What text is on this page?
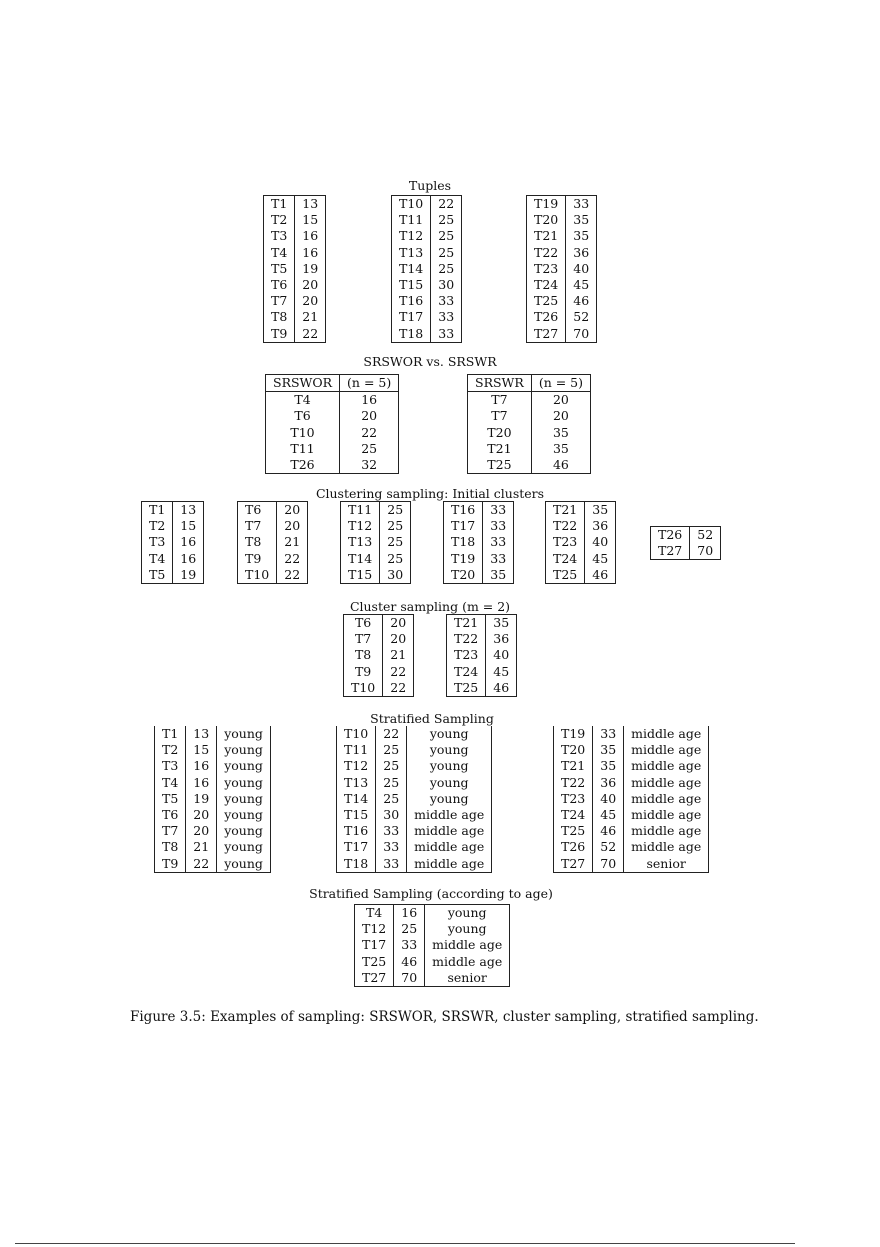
Tuples
T1	13
T2	15
T3	16
T4	16
T5	19
T6	20
T7	20
T8	21
T9	22
T10	22
T11	25
T12	25
T13	25
T14	25
T15	30
T16	33
T17	33
T18	33
T19	33
T20	35
T21	35
T22	36
T23	40
T24	45
T25	46
T26	52
T27	70
SRSWOR vs. SRSWR
SRSWOR	(n = 5)
T4	16
T6	20
T10	22
T11	25
T26	32
SRSWR	(n = 5)
T7	20
T7	20
T20	35
T21	35
T25	46
Clustering sampling: Initial clusters
T1	13
T2	15
T3	16
T4	16
T5	19
T6	20
T7	20
T8	21
T9	22
T10	22
T11	25
T12	25
T13	25
T14	25
T15	30
T16	33
T17	33
T18	33
T19	33
T20	35
T21	35
T22	36
T23	40
T24	45
T25	46
T26	52
T27	70
Cluster sampling (m = 2)
T6	20
T7	20
T8	21
T9	22
T10	22
T21	35
T22	36
T23	40
T24	45
T25	46
Stratified Sampling
T1	13	young
T2	15	young
T3	16	young
T4	16	young
T5	19	young
T6	20	young
T7	20	young
T8	21	young
T9	22	young
T10	22	young
T11	25	young
T12	25	young
T13	25	young
T14	25	young
T15	30	middle age
T16	33	middle age
T17	33	middle age
T18	33	middle age
T19	33	middle age
T20	35	middle age
T21	35	middle age
T22	36	middle age
T23	40	middle age
T24	45	middle age
T25	46	middle age
T26	52	middle age
T27	70	senior
Stratified Sampling (according to age)
T4	16	young
T12	25	young
T17	33	middle age
T25	46	middle age
T27	70	senior
Figure 3.5: Examples of sampling: SRSWOR, SRSWR, cluster sampling, stratified sampling.
